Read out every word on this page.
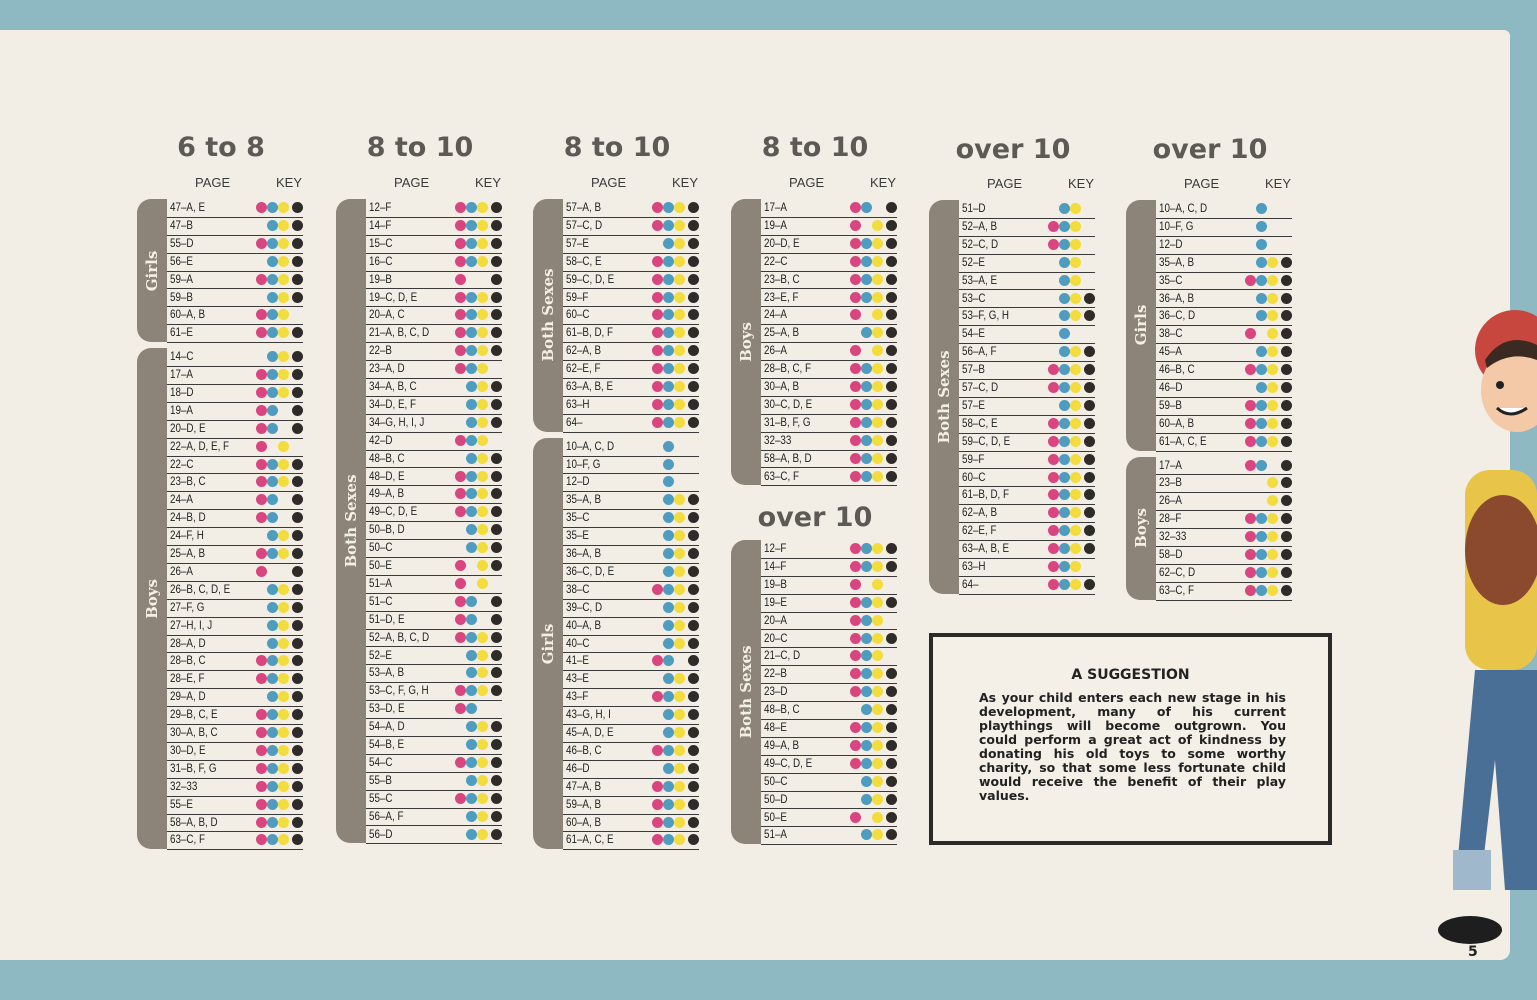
6 to 8
PAGE	KEY
Girls
47–A, E
47–B
55–D
56–E
59–A
59–B
60–A, B
61–E
Boys
14–C
17–A
18–D
19–A
20–D, E
22–A, D, E, F
22–C
23–B, C
24–A
24–B, D
24–F, H
25–A, B
26–A
26–B, C, D, E
27–F, G
27–H, I, J
28–A, D
28–B, C
28–E, F
29–A, D
29–B, C, E
30–A, B, C
30–D, E
31–B, F, G
32–33
55–E
58–A, B, D
63–C, F
8 to 10
PAGE	KEY
Both Sexes
12–F
14–F
15–C
16–C
19–B
19–C, D, E
20–A, C
21–A, B, C, D
22–B
23–A, D
34–A, B, C
34–D, E, F
34–G, H, I, J
42–D
48–B, C
48–D, E
49–A, B
49–C, D, E
50–B, D
50–C
50–E
51–A
51–C
51–D, E
52–A, B, C, D
52–E
53–A, B
53–C, F, G, H
53–D, E
54–A, D
54–B, E
54–C
55–B
55–C
56–A, F
56–D
8 to 10
PAGE	KEY
Both Sexes
57–A, B
57–C, D
57–E
58–C, E
59–C, D, E
59–F
60–C
61–B, D, F
62–A, B
62–E, F
63–A, B, E
63–H
64–
Girls
10–A, C, D
10–F, G
12–D
35–A, B
35–C
35–E
36–A, B
36–C, D, E
38–C
39–C, D
40–A, B
40–C
41–E
43–E
43–F
43–G, H, I
45–A, D, E
46–B, C
46–D
47–A, B
59–A, B
60–A, B
61–A, C, E
8 to 10
PAGE	KEY
Boys
17–A
19–A
20–D, E
22–C
23–B, C
23–E, F
24–A
25–A, B
26–A
28–B, C, F
30–A, B
30–C, D, E
31–B, F, G
32–33
58–A, B, D
63–C, F
over 10
Both Sexes
12–F
14–F
19–B
19–E
20–A
20–C
21–C, D
22–B
23–D
48–B, C
48–E
49–A, B
49–C, D, E
50–C
50–D
50–E
51–A
over 10
PAGE	KEY
Both Sexes
51–D
52–A, B
52–C, D
52–E
53–A, E
53–C
53–F, G, H
54–E
56–A, F
57–B
57–C, D
57–E
58–C, E
59–C, D, E
59–F
60–C
61–B, D, F
62–A, B
62–E, F
63–A, B, E
63–H
64–
over 10
PAGE	KEY
Girls
10–A, C, D
10–F, G
12–D
35–A, B
35–C
36–A, B
36–C, D
38–C
45–A
46–B, C
46–D
59–B
60–A, B
61–A, C, E
Boys
17–A
23–B
26–A
28–F
32–33
58–D
62–C, D
63–C, F
A SUGGESTION
As your child enters each new stage in his development, many of his current playthings will become outgrown. You could perform a great act of kindness by donating his old toys to some worthy charity, so that some less fortunate child would receive the benefit of their play values.
5
